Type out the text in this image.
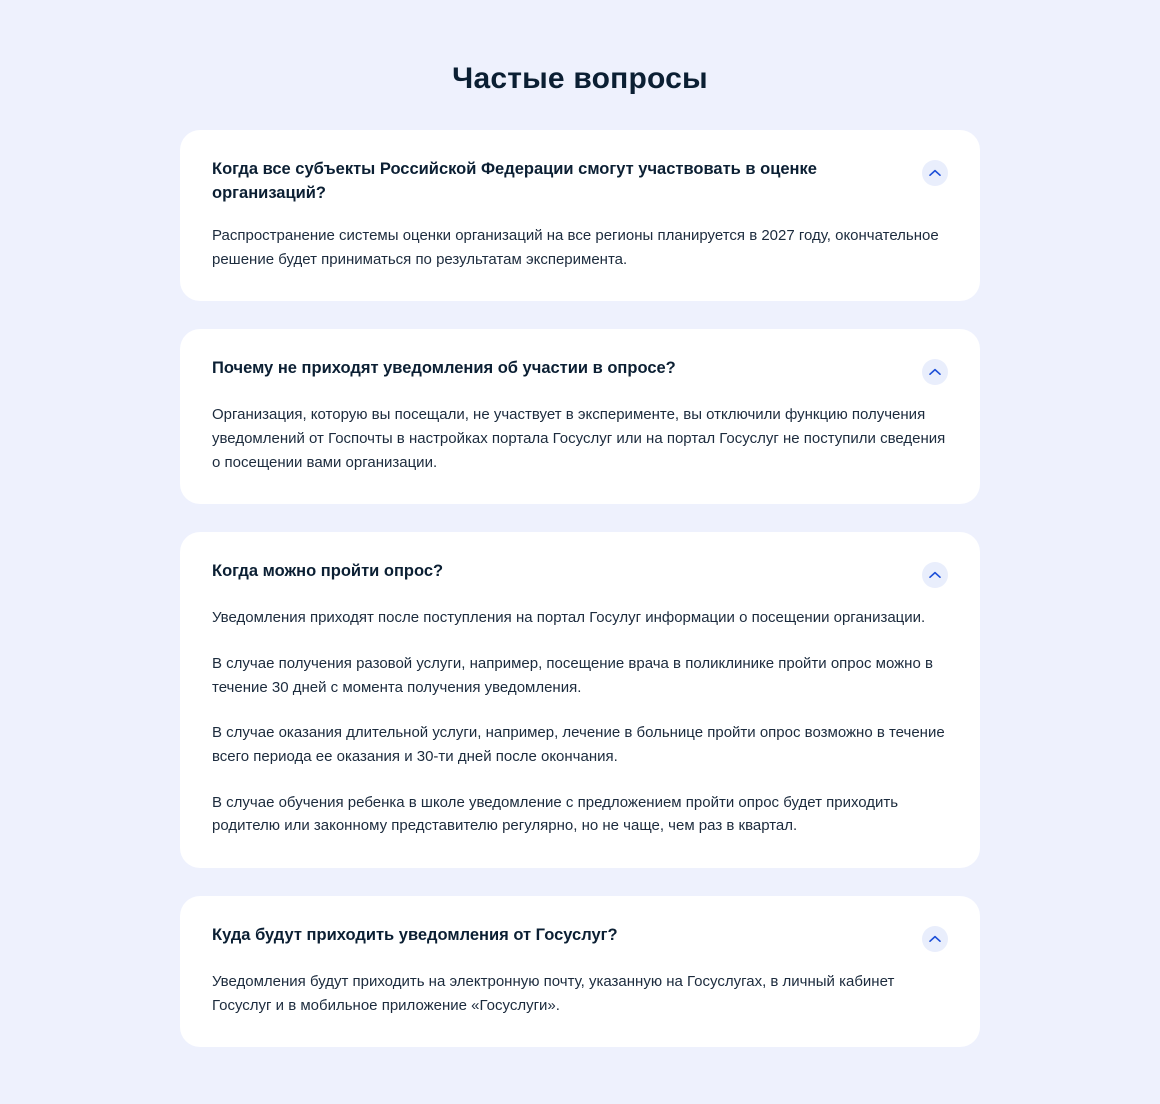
Частые вопросы

Когда все субъекты Российской Федерации смогут участвовать в оценке организаций?

Распространение системы оценки организаций на все регионы планируется в 2027 году, окончательное решение будет приниматься по результатам эксперимента.

Почему не приходят уведомления об участии в опросе?

Организация, которую вы посещали, не участвует в эксперименте, вы отключили функцию получения уведомлений от Госпочты в настройках портала Госуслуг или на портал Госуслуг не поступили сведения о посещении вами организации.

Когда можно пройти опрос?

Уведомления приходят после поступления на портал Госулуг информации о посещении организации.

В случае получения разовой услуги, например, посещение врача в поликлинике пройти опрос можно в течение 30 дней с момента получения уведомления.

В случае оказания длительной услуги, например, лечение в больнице пройти опрос возможно в течение всего периода ее оказания и 30-ти дней после окончания.

В случае обучения ребенка в школе уведомление с предложением пройти опрос будет приходить родителю или законному представителю регулярно, но не чаще, чем раз в квартал.

Куда будут приходить уведомления от Госуслуг?

Уведомления будут приходить на электронную почту, указанную на Госуслугах, в личный кабинет Госуслуг и в мобильное приложение «Госуслуги».
